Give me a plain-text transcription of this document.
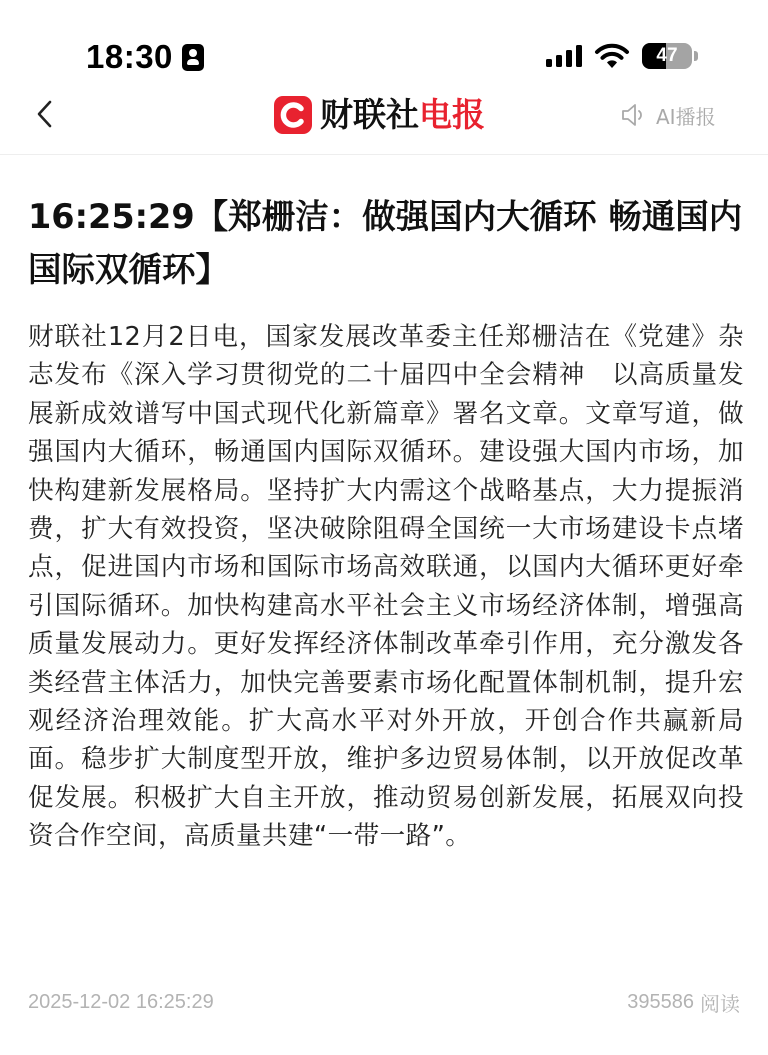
18:30	47
财联社 电报	AI播报
16:25:29【郑栅洁：做强国内大循环 畅通国内国际双循环】

财联社12月2日电，国家发展改革委主任郑栅洁在《党建》杂志发布《深入学习贯彻党的二十届四中全会精神　以高质量发展新成效谱写中国式现代化新篇章》署名文章。文章写道，做强国内大循环，畅通国内国际双循环。建设强大国内市场，加快构建新发展格局。坚持扩大内需这个战略基点，大力提振消费，扩大有效投资，坚决破除阻碍全国统一大市场建设卡点堵点，促进国内市场和国际市场高效联通，以国内大循环更好牵引国际循环。加快构建高水平社会主义市场经济体制，增强高质量发展动力。更好发挥经济体制改革牵引作用，充分激发各类经营主体活力，加快完善要素市场化配置体制机制，提升宏观经济治理效能。扩大高水平对外开放，开创合作共赢新局面。稳步扩大制度型开放，维护多边贸易体制，以开放促改革促发展。积极扩大自主开放，推动贸易创新发展，拓展双向投资合作空间，高质量共建“一带一路”。

2025-12-02 16:25:29	395586 阅读
